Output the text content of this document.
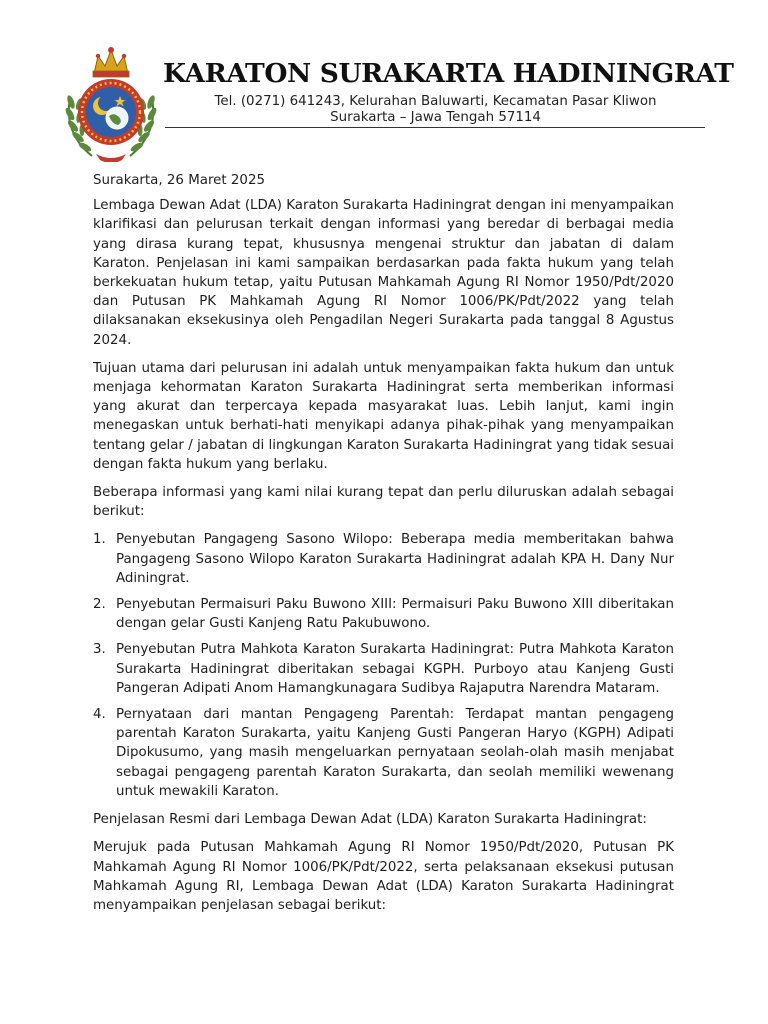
KARATON SURAKARTA HADININGRAT
Tel. (0271) 641243, Kelurahan Baluwarti, Kecamatan Pasar Kliwon
Surakarta – Jawa Tengah 57114

Surakarta, 26 Maret 2025

Lembaga Dewan Adat (LDA) Karaton Surakarta Hadiningrat dengan ini menyampaikan klarifikasi dan pelurusan terkait dengan informasi yang beredar di berbagai media yang dirasa kurang tepat, khususnya mengenai struktur dan jabatan di dalam Karaton. Penjelasan ini kami sampaikan berdasarkan pada fakta hukum yang telah berkekuatan hukum tetap, yaitu Putusan Mahkamah Agung RI Nomor 1950/Pdt/2020 dan Putusan PK Mahkamah Agung RI Nomor 1006/PK/Pdt/2022 yang telah dilaksanakan eksekusinya oleh Pengadilan Negeri Surakarta pada tanggal 8 Agustus 2024.

Tujuan utama dari pelurusan ini adalah untuk menyampaikan fakta hukum dan untuk menjaga kehormatan Karaton Surakarta Hadiningrat serta memberikan informasi yang akurat dan terpercaya kepada masyarakat luas. Lebih lanjut, kami ingin menegaskan untuk berhati-hati menyikapi adanya pihak-pihak yang menyampaikan tentang gelar / jabatan di lingkungan Karaton Surakarta Hadiningrat yang tidak sesuai dengan fakta hukum yang berlaku.

Beberapa informasi yang kami nilai kurang tepat dan perlu diluruskan adalah sebagai berikut:

1. Penyebutan Pangageng Sasono Wilopo: Beberapa media memberitakan bahwa Pangageng Sasono Wilopo Karaton Surakarta Hadiningrat adalah KPA H. Dany Nur Adiningrat.
2. Penyebutan Permaisuri Paku Buwono XIII: Permaisuri Paku Buwono XIII diberitakan dengan gelar Gusti Kanjeng Ratu Pakubuwono.
3. Penyebutan Putra Mahkota Karaton Surakarta Hadiningrat: Putra Mahkota Karaton Surakarta Hadiningrat diberitakan sebagai KGPH. Purboyo atau Kanjeng Gusti Pangeran Adipati Anom Hamangkunagara Sudibya Rajaputra Narendra Mataram.
4. Pernyataan dari mantan Pengageng Parentah: Terdapat mantan pengageng parentah Karaton Surakarta, yaitu Kanjeng Gusti Pangeran Haryo (KGPH) Adipati Dipokusumo, yang masih mengeluarkan pernyataan seolah-olah masih menjabat sebagai pengageng parentah Karaton Surakarta, dan seolah memiliki wewenang untuk mewakili Karaton.

Penjelasan Resmi dari Lembaga Dewan Adat (LDA) Karaton Surakarta Hadiningrat:

Merujuk pada Putusan Mahkamah Agung RI Nomor 1950/Pdt/2020, Putusan PK Mahkamah Agung RI Nomor 1006/PK/Pdt/2022, serta pelaksanaan eksekusi putusan Mahkamah Agung RI, Lembaga Dewan Adat (LDA) Karaton Surakarta Hadiningrat menyampaikan penjelasan sebagai berikut:
